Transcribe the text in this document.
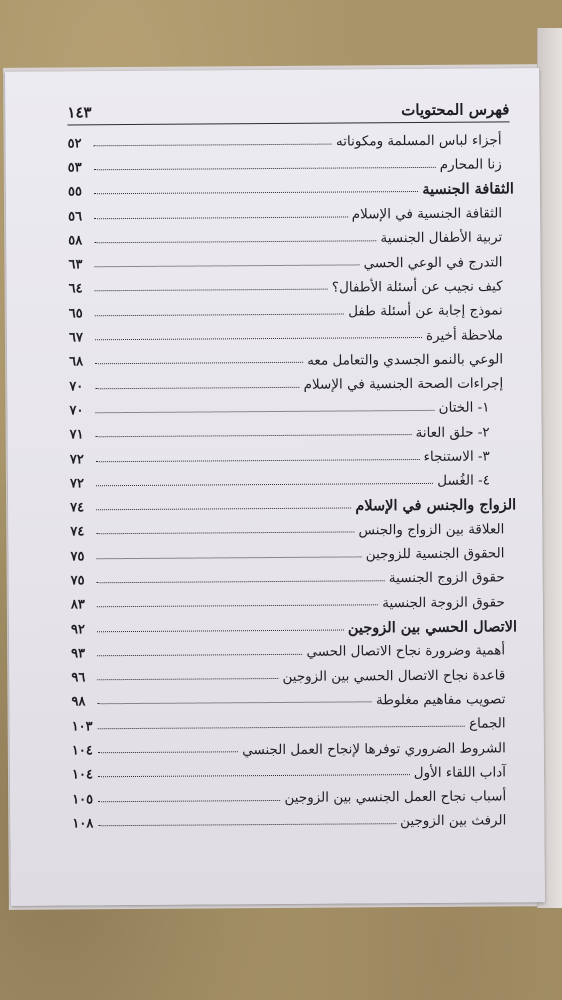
فهرس المحتويات
١٤٣
أجزاء لباس المسلمة ومكوناته
٥٢
زنا المحارم
٥٣
الثقافة الجنسية
٥٥
الثقافة الجنسية في الإسلام
٥٦
تربية الأطفال الجنسية
٥٨
التدرج في الوعي الحسي
٦٣
كيف نجيب عن أسئلة الأطفال؟
٦٤
نموذج إجابة عن أسئلة طفل
٦٥
ملاحظة أخيرة
٦٧
الوعي بالنمو الجسدي والتعامل معه
٦٨
إجراءات الصحة الجنسية في الإسلام
٧٠
١- الختان
٧٠
٢- حلق العانة
٧١
٣- الاستنجاء
٧٢
٤- الغُسل
٧٢
الزواج والجنس في الإسلام
٧٤
العلاقة بين الزواج والجنس
٧٤
الحقوق الجنسية للزوجين
٧٥
حقوق الزوج الجنسية
٧٥
حقوق الزوجة الجنسية
٨٣
الاتصال الحسي بين الزوجين
٩٢
أهمية وضرورة نجاح الاتصال الحسي
٩٣
قاعدة نجاح الاتصال الحسي بين الزوجين
٩٦
تصويب مفاهيم مغلوطة
٩٨
الجماع
١٠٣
الشروط الضروري توفرها لإنجاح العمل الجنسي
١٠٤
آداب اللقاء الأول
١٠٤
أسباب نجاح العمل الجنسي بين الزوجين
١٠٥
الرفث بين الزوجين
١٠٨
